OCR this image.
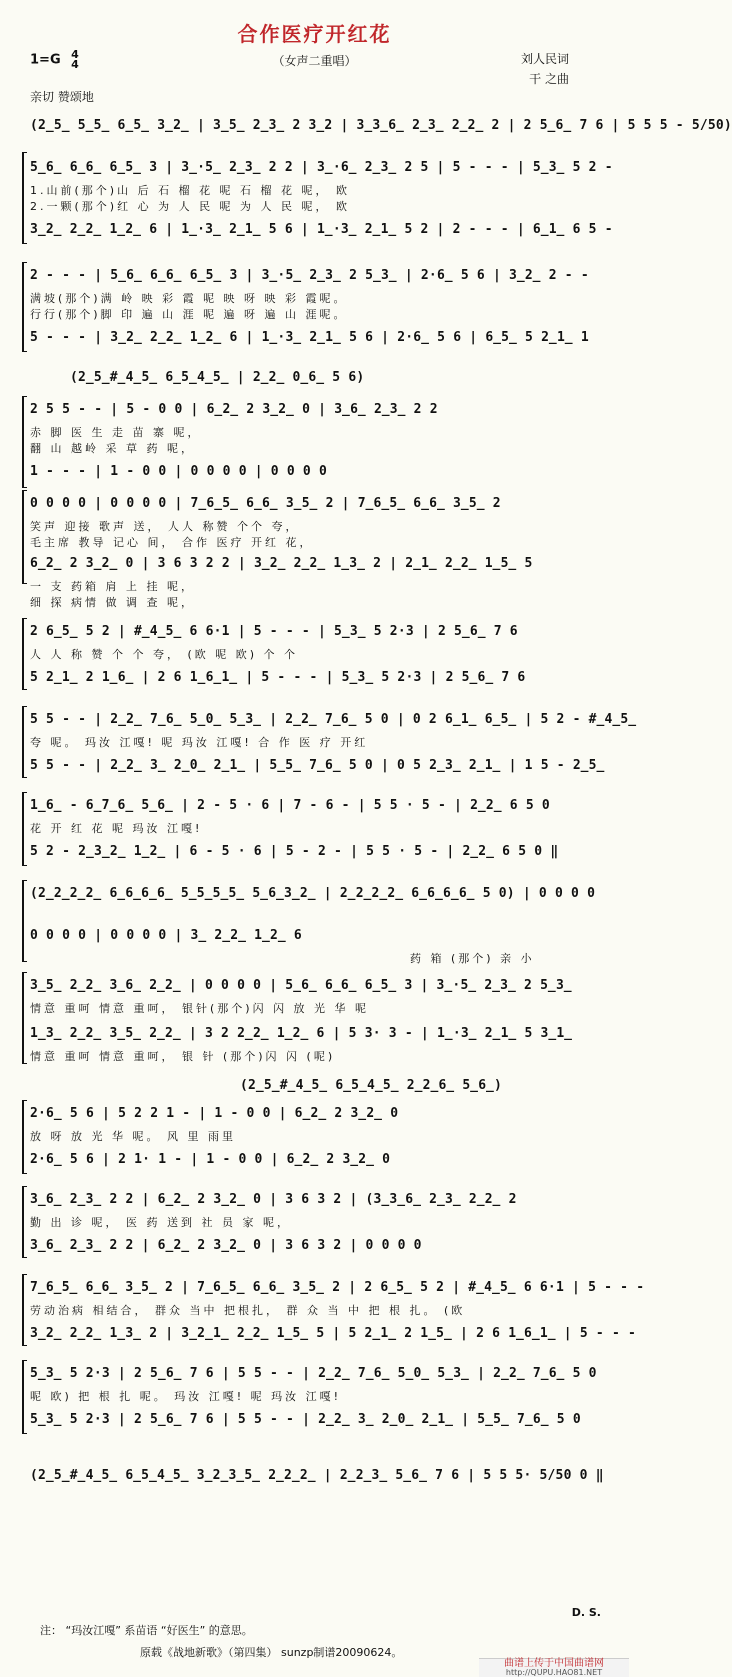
合作医疗开红花
（女声二重唱）
1=G 4
4	刘人民词
干 之曲
亲切 赞颂地
(2̲5̲ 5̲5̲ 6̲5̲ 3̲2̲ | 3̲5̲ 2̲3̲ 2 3̲2 | 3̲3̲6̲ 2̲3̲ 2̲2̲ 2 | 2 5̲6̲ 7 6 | 5 5 5 - 5/50)
5̲6̲ 6̲6̲ 6̲5̲ 3 | 3̲·5̲ 2̲3̲ 2 2 | 3̲·6̲ 2̲3̲ 2 5 | 5 - - - | 5̲3̲ 5 2 -
1.山前(那个)山 后 石 榴 花 呢 石 榴 花 呢， 欧
2.一颗(那个)红 心 为 人 民 呢 为 人 民 呢， 欧
3̲2̲ 2̲2̲ 1̲2̲ 6 | 1̲·3̲ 2̲1̲ 5 6 | 1̲·3̲ 2̲1̲ 5 2 | 2 - - - | 6̲1̲ 6 5 -
2 - - - | 5̲6̲ 6̲6̲ 6̲5̲ 3 | 3̲·5̲ 2̲3̲ 2 5̲3̲ | 2·6̲ 5 6 | 3̲2̲ 2 - -
满坡(那个)满 岭 映 彩 霞 呢 映 呀 映 彩 霞呢。
行行(那个)脚 印 遍 山 涯 呢 遍 呀 遍 山 涯呢。
5 - - - | 3̲2̲ 2̲2̲ 1̲2̲ 6 | 1̲·3̲ 2̲1̲ 5 6 | 2·6̲ 5 6 | 6̲5̲ 5 2̲1̲ 1
(2̲5̲#̲4̲5̲ 6̲5̲4̲5̲ | 2̲2̲ 0̲6̲ 5 6)
2 5 5 - - | 5 - 0 0 | 6̲2̲ 2 3̲2̲ 0 | 3̲6̲ 2̲3̲ 2 2
赤 脚 医 生 走 苗 寨 呢，
翻 山 越岭 采 草 药 呢，
1 - - - | 1 - 0 0 | 0 0 0 0 | 0 0 0 0
0 0 0 0 | 0 0 0 0 | 7̲6̲5̲ 6̲6̲ 3̲5̲ 2 | 7̲6̲5̲ 6̲6̲ 3̲5̲ 2
笑声 迎接 歌声 送， 人人 称赞 个个 夸，
毛主席 教导 记心 间， 合作 医疗 开红 花，
6̲2̲ 2 3̲2̲ 0 | 3 6 3 2 2 | 3̲2̲ 2̲2̲ 1̲3̲ 2 | 2̲1̲ 2̲2̲ 1̲5̲ 5
一 支 药箱 肩 上 挂 呢，
细 探 病情 做 调 查 呢，
2 6̲5̲ 5 2 | #̲4̲5̲ 6 6·1 | 5 - - - | 5̲3̲ 5 2·3 | 2 5̲6̲ 7 6
人 人 称 赞 个 个 夸， (欧 呢 欧) 个 个
5 2̲1̲ 2 1̲6̲ | 2 6 1̲6̲1̲ | 5 - - - | 5̲3̲ 5 2·3 | 2 5̲6̲ 7 6
5 5 - - | 2̲2̲ 7̲6̲ 5̲0̲ 5̲3̲ | 2̲2̲ 7̲6̲ 5 0 | 0 2 6̲1̲ 6̲5̲ | 5 2 - #̲4̲5̲
夸 呢。 玛汝 江嘎! 呢 玛汝 江嘎! 合 作 医 疗 开红
5 5 - - | 2̲2̲ 3̲ 2̲0̲ 2̲1̲ | 5̲5̲ 7̲6̲ 5 0 | 0 5 2̲3̲ 2̲1̲ | 1 5 - 2̲5̲
1̲6̲ - 6̲7̲6̲ 5̲6̲ | 2 - 5 · 6 | 7 - 6 - | 5 5 · 5 - | 2̲2̲ 6 5 0
花 开 红 花 呢 玛汝 江嘎!
5 2 - 2̲3̲2̲ 1̲2̲ | 6 - 5 · 6 | 5 - 2 - | 5 5 · 5 - | 2̲2̲ 6 5 0 ‖
(2̲2̲2̲2̲ 6̲6̲6̲6̲ 5̲5̲5̲5̲ 5̲6̲3̲2̲ | 2̲2̲2̲2̲ 6̲6̲6̲6̲ 5 0) | 0 0 0 0
0 0 0 0 | 0 0 0 0 | 3̲ 2̲2̲ 1̲2̲ 6
药 箱 (那个) 亲 小
3̲5̲ 2̲2̲ 3̲6̲ 2̲2̲ | 0 0 0 0 | 5̲6̲ 6̲6̲ 6̲5̲ 3 | 3̲·5̲ 2̲3̲ 2 5̲3̲
情意 重呵 情意 重呵， 银针(那个)闪 闪 放 光 华 呢
1̲3̲ 2̲2̲ 3̲5̲ 2̲2̲ | 3 2 2̲2̲ 1̲2̲ 6 | 5 3· 3 - | 1̲·3̲ 2̲1̲ 5 3̲1̲
情意 重呵 情意 重呵， 银 针 (那个)闪 闪 (呢)
(2̲5̲#̲4̲5̲ 6̲5̲4̲5̲ 2̲2̲6̲ 5̲6̲)
2·6̲ 5 6 | 5 2 2 1 - | 1 - 0 0 | 6̲2̲ 2 3̲2̲ 0
放 呀 放 光 华 呢。 风 里 雨里
2·6̲ 5 6 | 2 1· 1 - | 1 - 0 0 | 6̲2̲ 2 3̲2̲ 0
3̲6̲ 2̲3̲ 2 2 | 6̲2̲ 2 3̲2̲ 0 | 3 6 3 2 | (3̲3̲6̲ 2̲3̲ 2̲2̲ 2
勤 出 诊 呢， 医 药 送到 社 员 家 呢，
3̲6̲ 2̲3̲ 2 2 | 6̲2̲ 2 3̲2̲ 0 | 3 6 3 2 | 0 0 0 0
7̲6̲5̲ 6̲6̲ 3̲5̲ 2 | 7̲6̲5̲ 6̲6̲ 3̲5̲ 2 | 2 6̲5̲ 5 2 | #̲4̲5̲ 6 6·1 | 5 - - -
劳动治病 相结合， 群众 当中 把根扎， 群 众 当 中 把 根 扎。 (欧
3̲2̲ 2̲2̲ 1̲3̲ 2 | 3̲2̲1̲ 2̲2̲ 1̲5̲ 5 | 5 2̲1̲ 2 1̲5̲ | 2 6 1̲6̲1̲ | 5 - - -
5̲3̲ 5 2·3 | 2 5̲6̲ 7 6 | 5 5 - - | 2̲2̲ 7̲6̲ 5̲0̲ 5̲3̲ | 2̲2̲ 7̲6̲ 5 0
呢 欧) 把 根 扎 呢。 玛汝 江嘎! 呢 玛汝 江嘎!
5̲3̲ 5 2·3 | 2 5̲6̲ 7 6 | 5 5 - - | 2̲2̲ 3̲ 2̲0̲ 2̲1̲ | 5̲5̲ 7̲6̲ 5 0
(2̲5̲#̲4̲5̲ 6̲5̲4̲5̲ 3̲2̲3̲5̲ 2̲2̲2̲ | 2̲2̲3̲ 5̲6̲ 7 6 | 5 5 5· 5/50 0 ‖
D. S.
注： “玛汝江嘎” 系苗语 “好医生” 的意思。
原载《战地新歌》（第四集） sunzp制谱20090624。
曲谱上传于中国曲谱网
http://QUPU.HAO81.NET
